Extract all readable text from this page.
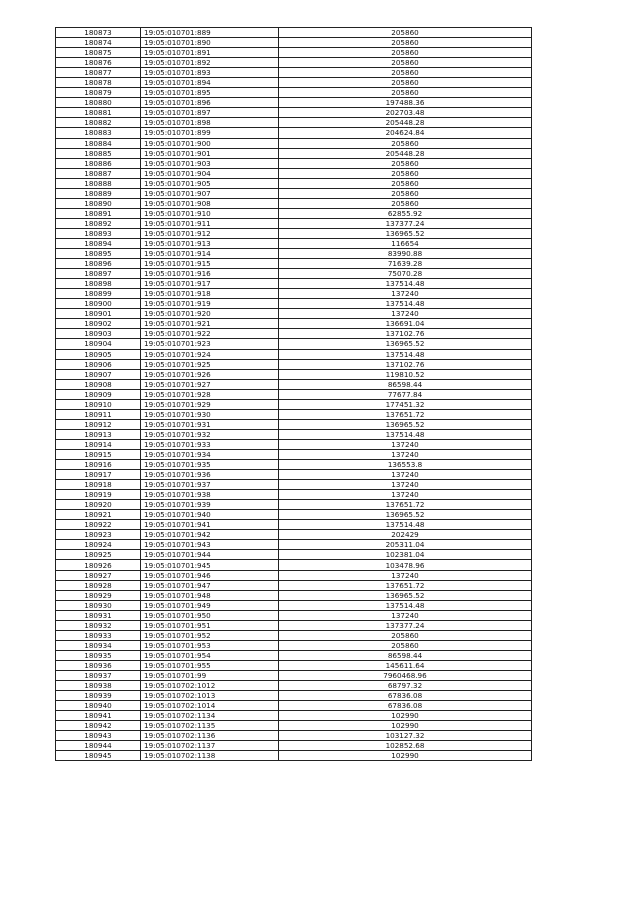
180873	19:05:010701:889	205860
180874	19:05:010701:890	205860
180875	19:05:010701:891	205860
180876	19:05:010701:892	205860
180877	19:05:010701:893	205860
180878	19:05:010701:894	205860
180879	19:05:010701:895	205860
180880	19:05:010701:896	197488.36
180881	19:05:010701:897	202703.48
180882	19:05:010701:898	205448.28
180883	19:05:010701:899	204624.84
180884	19:05:010701:900	205860
180885	19:05:010701:901	205448.28
180886	19:05:010701:903	205860
180887	19:05:010701:904	205860
180888	19:05:010701:905	205860
180889	19:05:010701:907	205860
180890	19:05:010701:908	205860
180891	19:05:010701:910	62855.92
180892	19:05:010701:911	137377.24
180893	19:05:010701:912	136965.52
180894	19:05:010701:913	116654
180895	19:05:010701:914	83990.88
180896	19:05:010701:915	71639.28
180897	19:05:010701:916	75070.28
180898	19:05:010701:917	137514.48
180899	19:05:010701:918	137240
180900	19:05:010701:919	137514.48
180901	19:05:010701:920	137240
180902	19:05:010701:921	136691.04
180903	19:05:010701:922	137102.76
180904	19:05:010701:923	136965.52
180905	19:05:010701:924	137514.48
180906	19:05:010701:925	137102.76
180907	19:05:010701:926	119810.52
180908	19:05:010701:927	86598.44
180909	19:05:010701:928	77677.84
180910	19:05:010701:929	177451.32
180911	19:05:010701:930	137651.72
180912	19:05:010701:931	136965.52
180913	19:05:010701:932	137514.48
180914	19:05:010701:933	137240
180915	19:05:010701:934	137240
180916	19:05:010701:935	136553.8
180917	19:05:010701:936	137240
180918	19:05:010701:937	137240
180919	19:05:010701:938	137240
180920	19:05:010701:939	137651.72
180921	19:05:010701:940	136965.52
180922	19:05:010701:941	137514.48
180923	19:05:010701:942	202429
180924	19:05:010701:943	205311.04
180925	19:05:010701:944	102381.04
180926	19:05:010701:945	103478.96
180927	19:05:010701:946	137240
180928	19:05:010701:947	137651.72
180929	19:05:010701:948	136965.52
180930	19:05:010701:949	137514.48
180931	19:05:010701:950	137240
180932	19:05:010701:951	137377.24
180933	19:05:010701:952	205860
180934	19:05:010701:953	205860
180935	19:05:010701:954	86598.44
180936	19:05:010701:955	145611.64
180937	19:05:010701:99	7960468.96
180938	19:05:010702:1012	68797.32
180939	19:05:010702:1013	67836.08
180940	19:05:010702:1014	67836.08
180941	19:05:010702:1134	102990
180942	19:05:010702:1135	102990
180943	19:05:010702:1136	103127.32
180944	19:05:010702:1137	102852.68
180945	19:05:010702:1138	102990
